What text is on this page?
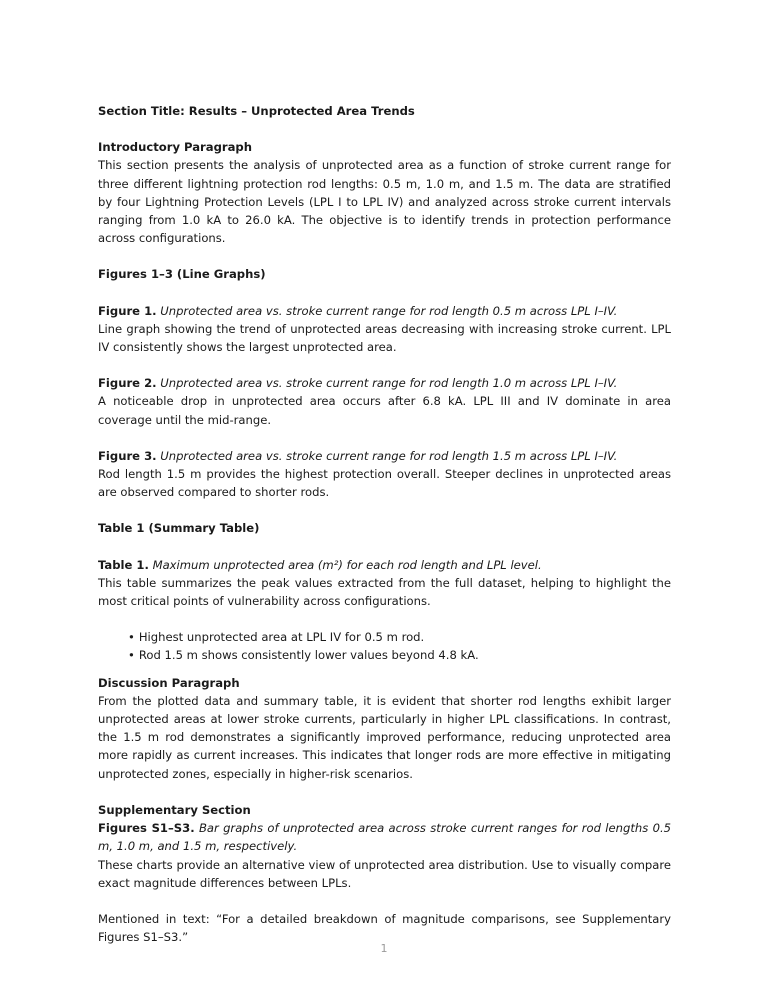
Section Title: Results – Unprotected Area Trends

Introductory Paragraph

This section presents the analysis of unprotected area as a function of stroke current range for three different lightning protection rod lengths: 0.5 m, 1.0 m, and 1.5 m. The data are stratified by four Lightning Protection Levels (LPL I to LPL IV) and analyzed across stroke current intervals ranging from 1.0 kA to 26.0 kA. The objective is to identify trends in protection performance across configurations.

Figures 1–3 (Line Graphs)

Figure 1. Unprotected area vs. stroke current range for rod length 0.5 m across LPL I–IV.

Line graph showing the trend of unprotected areas decreasing with increasing stroke current. LPL IV consistently shows the largest unprotected area.

Figure 2. Unprotected area vs. stroke current range for rod length 1.0 m across LPL I–IV.

A noticeable drop in unprotected area occurs after 6.8 kA. LPL III and IV dominate in area coverage until the mid-range.

Figure 3. Unprotected area vs. stroke current range for rod length 1.5 m across LPL I–IV.

Rod length 1.5 m provides the highest protection overall. Steeper declines in unprotected areas are observed compared to shorter rods.

Table 1 (Summary Table)

Table 1. Maximum unprotected area (m²) for each rod length and LPL level.

This table summarizes the peak values extracted from the full dataset, helping to highlight the most critical points of vulnerability across configurations.

• Highest unprotected area at LPL IV for 0.5 m rod.
• Rod 1.5 m shows consistently lower values beyond 4.8 kA.

Discussion Paragraph

From the plotted data and summary table, it is evident that shorter rod lengths exhibit larger unprotected areas at lower stroke currents, particularly in higher LPL classifications. In contrast, the 1.5 m rod demonstrates a significantly improved performance, reducing unprotected area more rapidly as current increases. This indicates that longer rods are more effective in mitigating unprotected zones, especially in higher-risk scenarios.

Supplementary Section

Figures S1–S3. Bar graphs of unprotected area across stroke current ranges for rod lengths 0.5 m, 1.0 m, and 1.5 m, respectively.

These charts provide an alternative view of unprotected area distribution. Use to visually compare exact magnitude differences between LPLs.

Mentioned in text: “For a detailed breakdown of magnitude comparisons, see Supplementary Figures S1–S3.”

1
